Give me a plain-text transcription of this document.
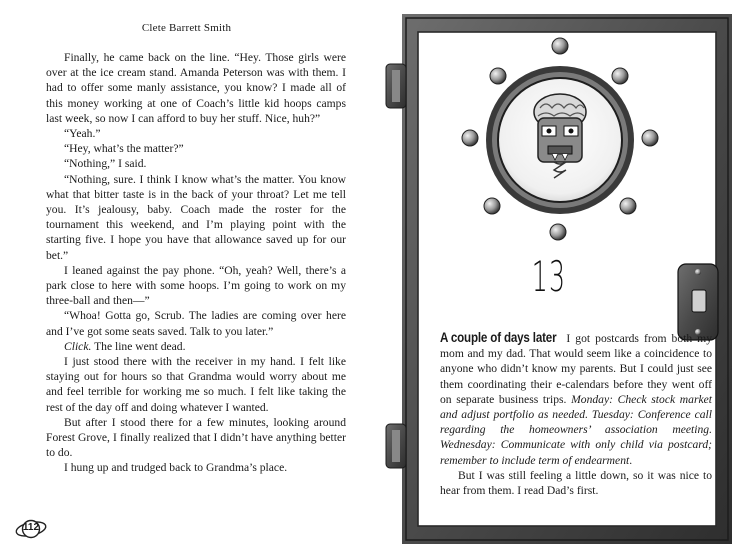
Clete Barrett Smith

Finally, he came back on the line. “Hey. Those girls were over at the ice cream stand. Amanda Peterson was with them. I had to offer some manly assistance, you know? I made all of this money working at one of Coach’s little kid hoops camps last week, so now I can afford to buy her stuff. Nice, huh?”

“Yeah.”

“Hey, what’s the matter?”

“Nothing,” I said.

“Nothing, sure. I think I know what’s the matter. You know what that bitter taste is in the back of your throat? Let me tell you. It’s jealousy, baby. Coach made the roster for the tournament this weekend, and I’m playing point with the starting five. I hope you have that allowance saved up for our bet.”

I leaned against the pay phone. “Oh, yeah? Well, there’s a park close to here with some hoops. I’m going to work on my three-ball and then—”

“Whoa! Gotta go, Scrub. The ladies are coming over here and I’ve got some seats saved. Talk to you later.”

Click. The line went dead.

I just stood there with the receiver in my hand. I felt like staying out for hours so that Grandma would worry about me and feel terrible for working me so much. I felt like taking the rest of the day off and doing whatever I wanted.

But after I stood there for a few minutes, looking around Forest Grove, I finally realized that I didn’t have anything better to do.

I hung up and trudged back to Grandma’s place.

112
13

A couple of days later I got postcards from both my mom and my dad. That would seem like a coincidence to anyone who didn’t know my parents. But I could just see them coordinating their e-calendars before they went off on separate business trips. Monday: Check stock market and adjust portfolio as needed. Tuesday: Conference call regarding the homeowners’ association meeting. Wednesday: Communicate with only child via postcard; remember to include term of endearment.

But I was still feeling a little down, so it was nice to hear from them. I read Dad’s first.
